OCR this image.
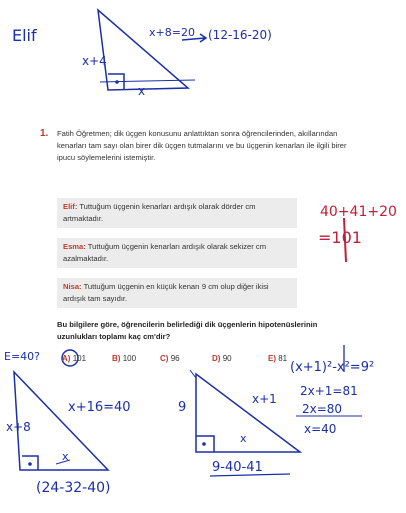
Elif	x+8=20 (12-16-20)
x+4
x
40+41+20
=101
E=40?
x+16=40
x+8
x
(24-32-40)
9
x+1
x
9-40-41
(x+1)²-x²=9²
2x+1=81
2x=80
x=40
1. Fatih Öğretmen; dik üçgen konusunu anlattıktan sonra öğrencilerinden, akıllarından kenarları tam sayı olan birer dik üçgen tutmalarını ve bu üçgenin kenarları ile ilgili birer ipucu söylemelerini istemiştir.
Elif: Tuttuğum üçgenin kenarları ardışık olarak dörder cm artmaktadır.
Esma: Tuttuğum üçgenin kenarları ardışık olarak sekizer cm azalmaktadır.
Nisa: Tuttuğum üçgenin en küçük kenarı 9 cm olup diğer ikisi ardışık tam sayıdır.
Bu bilgilere göre, öğrencilerin belirlediği dik üçgenlerin hipotenüslerinin uzunlukları toplamı kaç cm'dir?
A) 101	B) 100	C) 96	D) 90	E) 81
